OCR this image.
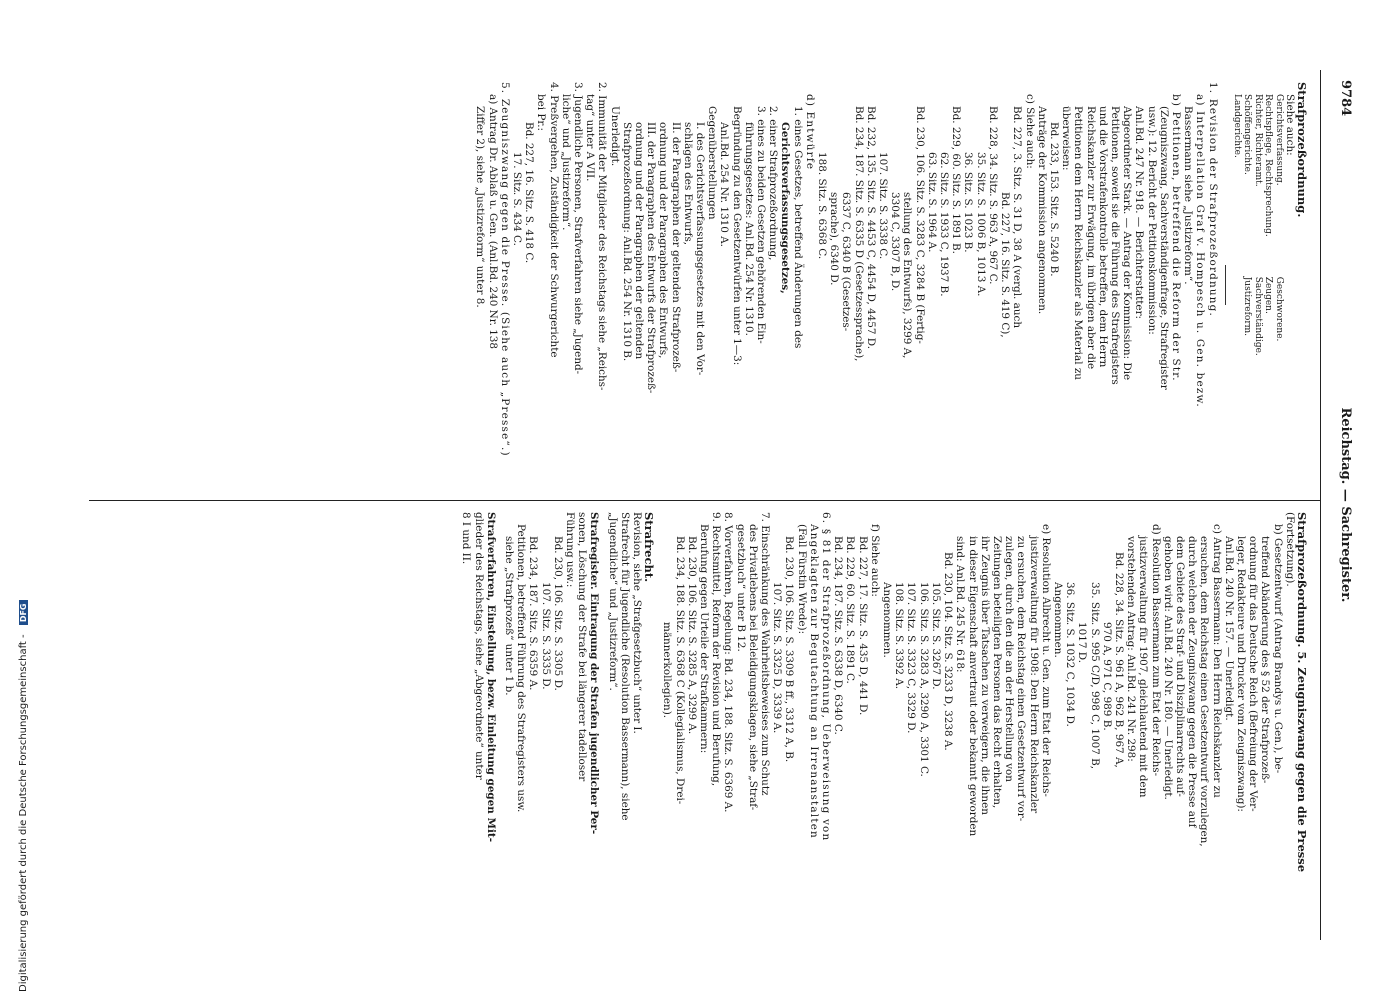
9784
Reichstag. — Sachregister.

Strafprozeßordnung.

Siehe auch:

Gerichtsverfassung.
Rechtspflege, Rechtsprechung.
Richter, Richteramt.
Schöffengerichte.
Landgerichte.
Geschworene.
Zeugen.
Sachverständige.
Justizreform.

1. Revision der Strafprozeßordnung.

a) Interpellation Graf v. Hompesch u. Gen. bezw.

Bassermann siehe „Justizreform“.

b) Petitionen, betreffend die Reform der Str.

(Zeugniszwang, Sachverständigenfrage, Strafregister

usw.): 12. Bericht der Petitionskommission:

Anl.Bd. 247 Nr. 918. — Berichterstatter:

Abgeordneter Stark. — Antrag der Kommission: Die

Petitionen, soweit sie die Führung des Strafregisters

und die Vorstrafenkontrolle betreffen, dem Herrn

Reichskanzler zur Erwägung, im übrigen aber die

Petitionen dem Herrn Reichskanzler als Material zu

überweisen:

Bd. 233, 153. Sitz. S. 5240 B.

Anträge der Kommission angenommen.

c) Siehe auch:

Bd. 227, 3. Sitz. S. 31 D, 38 A (vergl. auch

Bd. 227, 16. Sitz. S. 419 C),

Bd. 228, 34. Sitz. S. 963 A, 967 C.

35. Sitz. S. 1006 B, 1013 A.

36. Sitz. S. 1023 B.

Bd. 229, 60. Sitz. S. 1891 B.

62. Sitz. S. 1933 C, 1937 B.

63. Sitz. S. 1964 A.

Bd. 230, 106. Sitz. S. 3283 C, 3284 B (Fertig-

stellung des Entwurfs), 3299 A,

3304 C, 3307 B, D.

107. Sitz. S. 3338 C.

Bd. 232, 135. Sitz. S. 4453 C, 4454 D, 4457 D.

Bd. 234, 187. Sitz. S. 6335 D (Gesetzessprache),

6337 C, 6340 B (Gesetzes-

sprache), 6340 D.

188. Sitz. S. 6368 C.

d) Entwürfe

1. eines Gesetzes, betreffend Änderungen des

Gerichtsverfassungsgesetzes,

2. einer Strafprozeßordnung,

3. eines zu beiden Gesetzen gehörenden Ein-

führungsgesetzes: Anl.Bd. 254 Nr. 1310.

Begründung zu den Gesetzentwürfen unter 1—3:

Anl.Bd. 254 Nr. 1310 A.

Gegenüberstellungen

I. des Gerichtsverfassungsgesetzes mit den Vor-

schlägen des Entwurfs,

II. der Paragraphen der geltenden Strafprozeß-

ordnung und der Paragraphen des Entwurfs,

III. der Paragraphen des Entwurfs der Strafprozeß-

ordnung und der Paragraphen der geltenden

Strafprozeßordnung: Anl.Bd. 254 Nr. 1310 B.

Unerledigt.

2. Immunität der Mitglieder des Reichstags siehe „Reichs-

tag“ unter A VII.

3. Jugendliche Personen, Strafverfahren siehe „Jugend-

liche“ und „Justizreform“.

4. Preßvergehen, Zuständigkeit der Schwurgerichte

bei Pr.:

Bd. 227, 16. Sitz. S. 418 C.

17. Sitz. S. 434 C.

5. Zeugniszwang gegen die Presse. (Siehe auch „Presse“.)

a) Antrag Dr. Ablaß u. Gen. (Anl.Bd. 240 Nr. 138

Ziffer 2), siehe „Justizreform“ unter 8.

Strafprozeßordnung. 5. Zeugniszwang gegen die Presse

(Fortsetzung).

b) Gesetzentwurf (Antrag Brandys u. Gen.), be-

treffend Abänderung des § 52 der Strafprozeß-

ordnung für das Deutsche Reich (Befreiung der Ver-

leger, Redakteure und Drucker vom Zeugniszwang):

Anl.Bd. 240 Nr. 157. — Unerledigt.

c) Antrag Bassermann: Den Herrn Reichskanzler zu

ersuchen, dem Reichstag einen Gesetzentwurf vorzulegen,

durch welchen der Zeugniszwang gegen die Presse auf

dem Gebiete des Straf- und Disziplinarrechts auf-

gehoben wird: Anl.Bd. 240 Nr. 180. — Unerledigt.

d) Resolution Bassermann zum Etat der Reichs-

justizverwaltung für 1907, gleichlautend mit dem

vorstehenden Antrag: Anl.Bd. 241 Nr. 298:

Bd. 228, 34. Sitz. S. 961 A, 962 B, 967 A,

970 A, 971 C, 989 B.

35. Sitz. S. 995 C/D, 998 C, 1007 B,

1017 D.

36. Sitz. S. 1032 C, 1034 D.

Angenommen.

e) Resolution Albrecht u. Gen. zum Etat der Reichs-

justizverwaltung für 1908: Den Herrn Reichskanzler

zu ersuchen, dem Reichstag einen Gesetzentwurf vor-

zulegen, durch den die an der Herstellung von

Zeitungen beteiligten Personen das Recht erhalten,

ihr Zeugnis über Tatsachen zu verweigern, die ihnen

in dieser Eigenschaft anvertraut oder bekannt geworden

sind: Anl.Bd. 245 Nr. 618:

Bd. 230, 104. Sitz. S. 3233 D, 3238 A.

105. Sitz. S. 3267 D.

106. Sitz. S. 3283 A, 3290 A, 3301 C.

107. Sitz. S. 3323 C, 3329 D.

108. Sitz. S. 3392 A.

Angenommen.

f) Siehe auch:

Bd. 227, 17. Sitz. S. 435 D, 441 D.

Bd. 229, 60. Sitz. S. 1891 C.

Bd. 234, 187. Sitz. S. 6338 D, 6340 C.

6. § 81 der Strafprozeßordnung, Ueberweisung von

Angeklagten zur Begutachtung an Irrenanstalten

(Fall Fürstin Wrede):

Bd. 230, 106. Sitz. S. 3309 B ff., 3312 A, B.

107. Sitz. S. 3325 D, 3339 A.

7. Einschränkung des Wahrheitsbeweises zum Schutz

des Privatlebens bei Beleidigungsklagen, siehe „Straf-

gesetzbuch“ unter B 12.

8. Vorverfahren, Regelung: Bd. 234, 188. Sitz. S. 6369 A.

9. Rechtsmittel, Reform der Revision und Berufung,

Berufung gegen Urteile der Strafkammern:

Bd. 230, 106. Sitz. S. 3285 A, 3299 A.

Bd. 234, 188. Sitz. S. 6368 C (Kollegialismus, Drei-

männerkollegien).

Strafrecht.

Revision, siehe „Strafgesetzbuch“ unter I.

Strafrecht für Jugendliche (Resolution Bassermann), siehe

„Jugendliche“ und „Justizreform“.

Strafregister. Eintragung der Strafen jugendlicher Per-

sonen, Löschung der Strafe bei längerer tadelloser

Führung usw.:

Bd. 230, 106. Sitz. S. 3305 D.

107. Sitz. S. 3335 D.

Bd. 234, 187. Sitz. S. 6359 A.

Petitionen, betreffend Führung des Strafregisters usw.

siehe „Strafprozeß“ unter 1 b.

Strafverfahren, Einstellung, bezw. Einleitung gegen Mit-

glieder des Reichstags, siehe „Abgeordnete“ unter

8 I und II.

Digitalisierung gefördert durch die Deutsche Forschungsgemeinschaft - DFG
